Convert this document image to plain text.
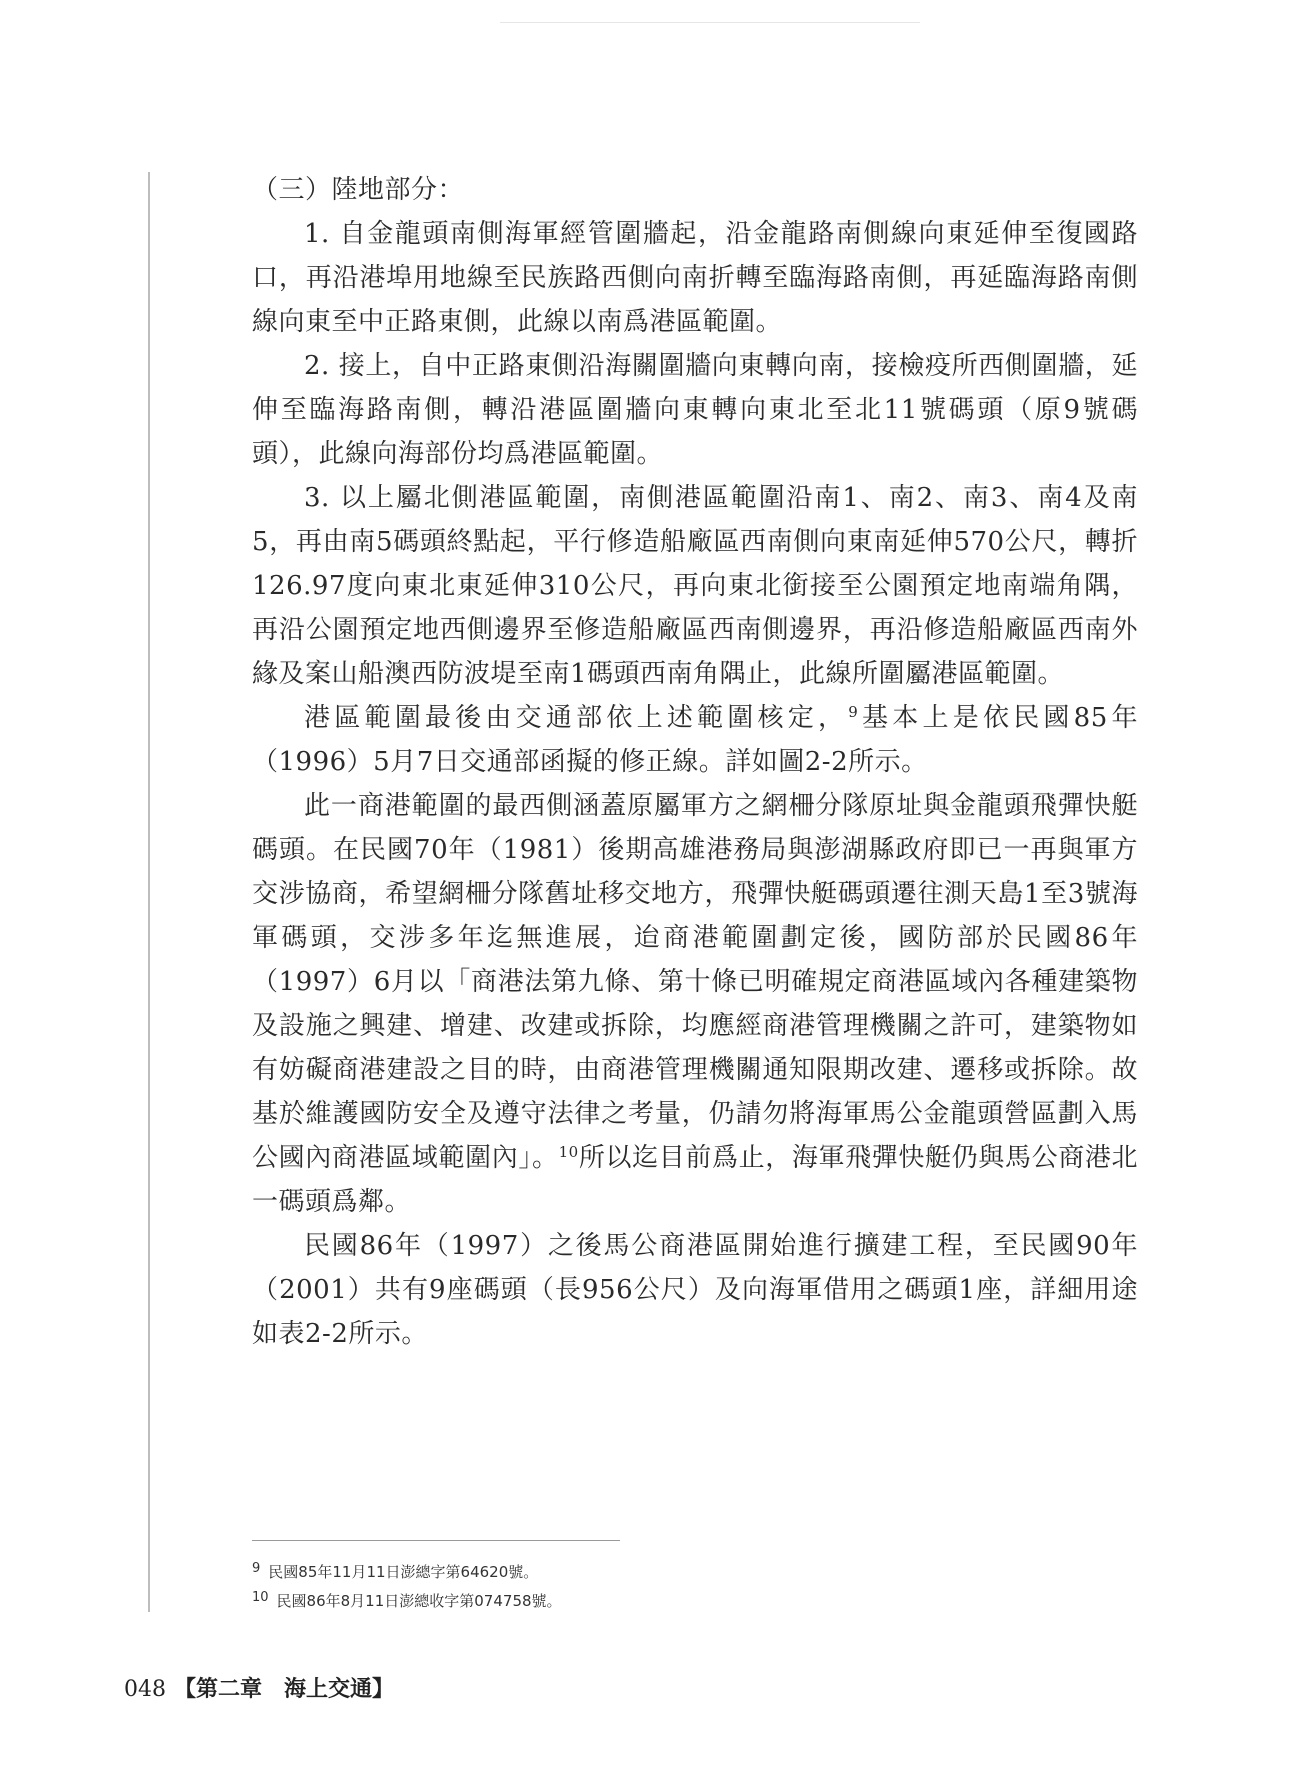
（三）陸地部分：

1. 自金龍頭南側海軍經管圍牆起，沿金龍路南側線向東延伸至復國路口，再沿港埠用地線至民族路西側向南折轉至臨海路南側，再延臨海路南側線向東至中正路東側，此線以南爲港區範圍。

2. 接上，自中正路東側沿海關圍牆向東轉向南，接檢疫所西側圍牆，延伸至臨海路南側，轉沿港區圍牆向東轉向東北至北11號碼頭（原9號碼頭），此線向海部份均爲港區範圍。

3. 以上屬北側港區範圍，南側港區範圍沿南1、南2、南3、南4及南5，再由南5碼頭終點起，平行修造船廠區西南側向東南延伸570公尺，轉折126.97度向東北東延伸310公尺，再向東北銜接至公園預定地南端角隅，再沿公園預定地西側邊界至修造船廠區西南側邊界，再沿修造船廠區西南外緣及案山船澳西防波堤至南1碼頭西南角隅止，此線所圍屬港區範圍。

港區範圍最後由交通部依上述範圍核定，$^9$基本上是依民國85年（1996）5月7日交通部函擬的修正線。詳如圖2-2所示。

此一商港範圍的最西側涵蓋原屬軍方之網柵分隊原址與金龍頭飛彈快艇碼頭。在民國70年（1981）後期高雄港務局與澎湖縣政府即已一再與軍方交涉協商，希望網柵分隊舊址移交地方，飛彈快艇碼頭遷往測天島1至3號海軍碼頭，交涉多年迄無進展，迨商港範圍劃定後，國防部於民國86年（1997）6月以「商港法第九條、第十條已明確規定商港區域內各種建築物及設施之興建、增建、改建或拆除，均應經商港管理機關之許可，建築物如有妨礙商港建設之目的時，由商港管理機關通知限期改建、遷移或拆除。故基於維護國防安全及遵守法律之考量，仍請勿將海軍馬公金龍頭營區劃入馬公國內商港區域範圍內」。$^{10}$所以迄目前爲止，海軍飛彈快艇仍與馬公商港北一碼頭爲鄰。

民國86年（1997）之後馬公商港區開始進行擴建工程，至民國90年（2001）共有9座碼頭（長956公尺）及向海軍借用之碼頭1座，詳細用途如表2-2所示。

9 民國85年11月11日澎總字第64620號。
10 民國86年8月11日澎總收字第074758號。
048 【第二章　海上交通】
